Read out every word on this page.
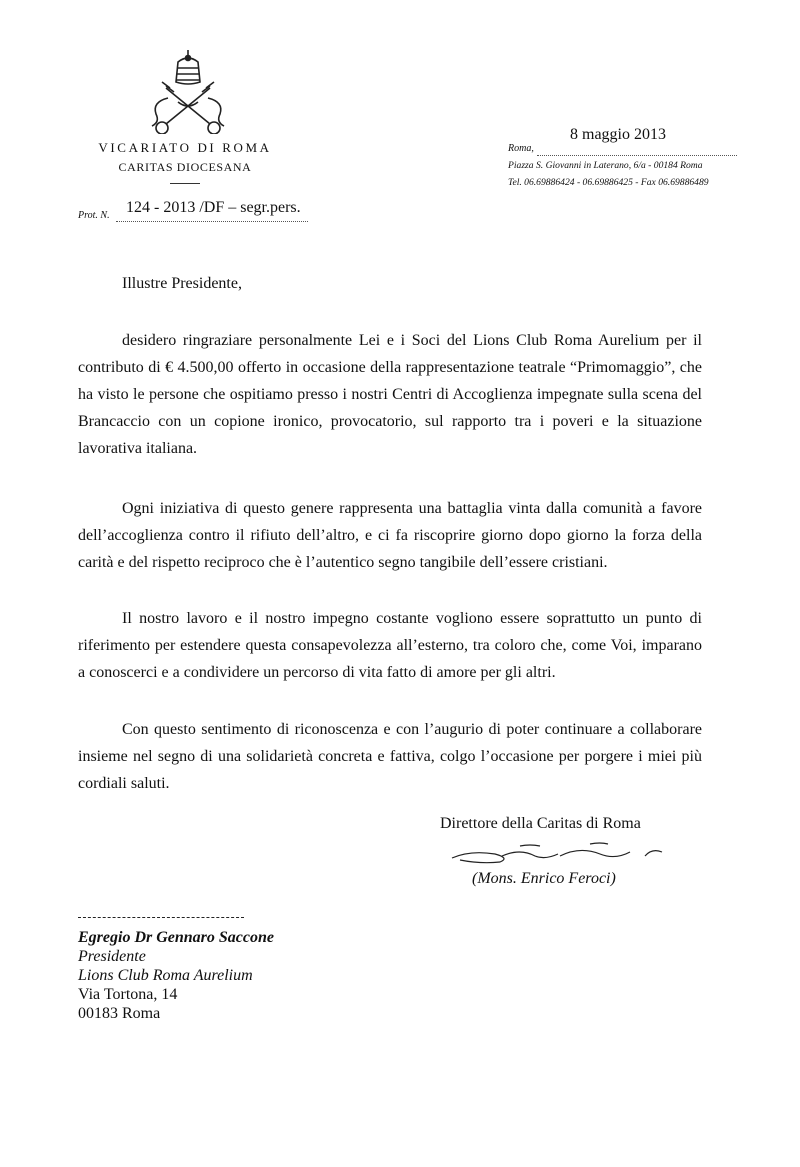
VICARIATO DI ROMA
CARITAS DIOCESANA
8 maggio 2013
Roma,
Piazza S. Giovanni in Laterano, 6/a - 00184 Roma
Tel. 06.69886424 - 06.69886425 - Fax 06.69886489
Prot. N. 124 - 2013 /DF – segr.pers.
Illustre Presidente,

desidero ringraziare personalmente Lei e i Soci del Lions Club Roma Aurelium per il contributo di € 4.500,00 offerto in occasione della rappresentazione teatrale “Primomaggio”, che ha visto le persone che ospitiamo presso i nostri Centri di Accoglienza impegnate sulla scena del Brancaccio con un copione ironico, provocatorio, sul rapporto tra i poveri e la situazione lavorativa italiana.

Ogni iniziativa di questo genere rappresenta una battaglia vinta dalla comunità a favore dell’accoglienza contro il rifiuto dell’altro, e ci fa riscoprire giorno dopo giorno la forza della carità e del rispetto reciproco che è l’autentico segno tangibile dell’essere cristiani.

Il nostro lavoro e il nostro impegno costante vogliono essere soprattutto un punto di riferimento per estendere questa consapevolezza all’esterno, tra coloro che, come Voi, imparano a conoscerci e a condividere un percorso di vita fatto di amore per gli altri.

Con questo sentimento di riconoscenza e con l’augurio di poter continuare a collaborare insieme nel segno di una solidarietà concreta e fattiva, colgo l’occasione per porgere i miei più cordiali saluti.

Direttore della Caritas di Roma
(Mons. Enrico Feroci)
Egregio Dr Gennaro Saccone
Presidente
Lions Club Roma Aurelium
Via Tortona, 14
00183 Roma
